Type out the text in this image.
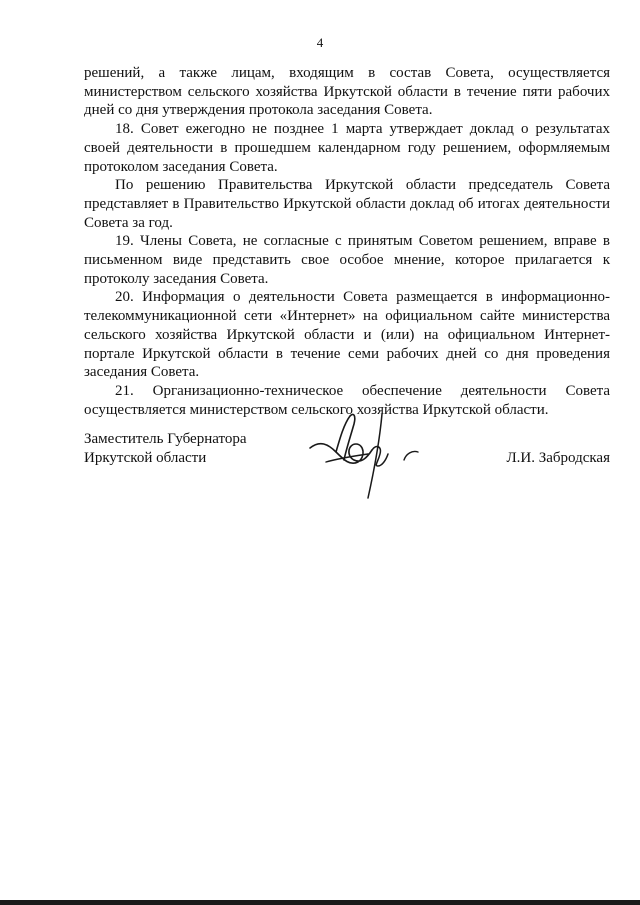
4

решений, а также лицам, входящим в состав Совета, осуществляется министерством сельского хозяйства Иркутской области в течение пяти рабочих дней со дня утверждения протокола заседания Совета.

18. Совет ежегодно не позднее 1 марта утверждает доклад о результатах своей деятельности в прошедшем календарном году решением, оформляемым протоколом заседания Совета.

По решению Правительства Иркутской области председатель Совета представляет в Правительство Иркутской области доклад об итогах деятельности Совета за год.

19. Члены Совета, не согласные с принятым Советом решением, вправе в письменном виде представить свое особое мнение, которое прилагается к протоколу заседания Совета.

20. Информация о деятельности Совета размещается в информационно-телекоммуникационной сети «Интернет» на официальном сайте министерства сельского хозяйства Иркутской области и (или) на официальном Интернет-портале Иркутской области в течение семи рабочих дней со дня проведения заседания Совета.

21. Организационно-техническое обеспечение деятельности Совета осуществляется министерством сельского хозяйства Иркутской области.

Заместитель Губернатора
Иркутской области	Л.И. Забродская
